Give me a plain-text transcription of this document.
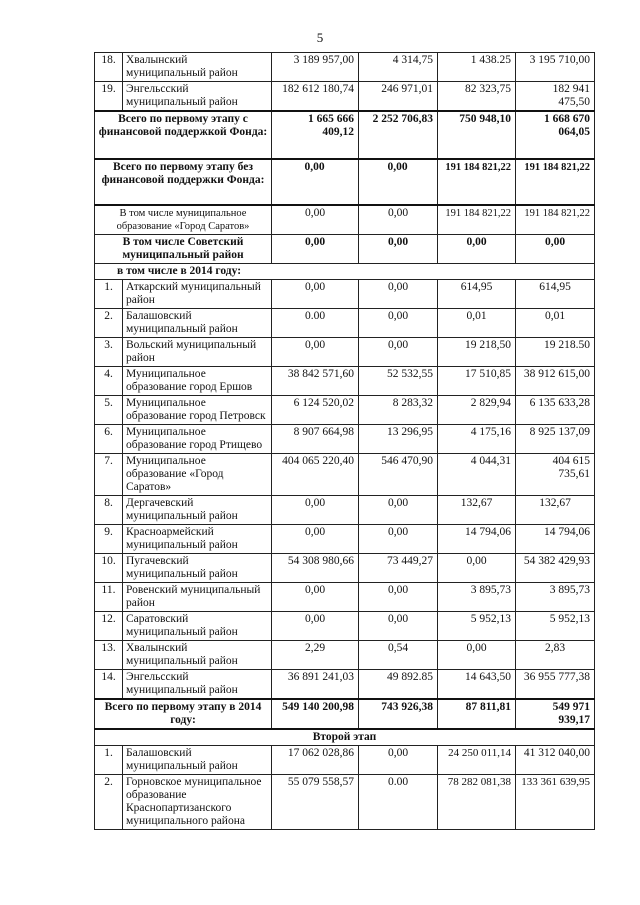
5
18.	Хвалынский муниципальный район	3 189 957,00	4 314,75	1 438.25	3 195 710,00
19.	Энгельсский муниципальный район	182 612 180,74	246 971,01	82 323,75	182 941 475,50
Всего по первому этапу с финансовой поддержкой Фонда:		1 665 666 409,12	2 252 706,83	750 948,10	1 668 670 064,05
Всего по первому этапу без финансовой поддержки Фонда:		0,00	0,00	191 184 821,22	191 184 821,22
В том числе муниципальное образование «Город Саратов»		0,00	0,00	191 184 821,22	191 184 821,22
В том числе Советский муниципальный район		0,00	0,00	0,00	0,00
в том числе в 2014 году:					
1.	Аткарский муниципальный район	0,00	0,00	614,95	614,95
2.	Балашовский муниципальный район	0.00	0,00	0,01	0,01
3.	Вольский муниципальный район	0,00	0,00	19 218,50	19 218.50
4.	Муниципальное образование город Ершов	38 842 571,60	52 532,55	17 510,85	38 912 615,00
5.	Муниципальное образование город Петровск	6 124 520,02	8 283,32	2 829,94	6 135 633,28
6.	Муниципальное образование город Ртищево	8 907 664,98	13 296,95	4 175,16	8 925 137,09
7.	Муниципальное образование «Город Саратов»	404 065 220,40	546 470,90	4 044,31	404 615 735,61
8.	Дергачевский муниципальный район	0,00	0,00	132,67	132,67
9.	Красноармейский муниципальный район	0,00	0,00	14 794,06	14 794,06
10.	Пугачевский муниципальный район	54 308 980,66	73 449,27	0,00	54 382 429,93
11.	Ровенский муниципальный район	0,00	0,00	3 895,73	3 895,73
12.	Саратовский муниципальный район	0,00	0,00	5 952,13	5 952,13
13.	Хвалынский муниципальный район	2,29	0,54	0,00	2,83
14.	Энгельсский муниципальный район	36 891 241,03	49 892.85	14 643,50	36 955 777,38
Всего по первому этапу в 2014 году:		549 140 200,98	743 926,38	87 811,81	549 971 939,17
Второй этап					
1.	Балашовский муниципальный район	17 062 028,86	0,00	24 250 011,14	41 312 040,00
2.	Горновское муниципальное образование Краснопартизанского муниципального района	55 079 558,57	0.00	78 282 081,38	133 361 639,95
